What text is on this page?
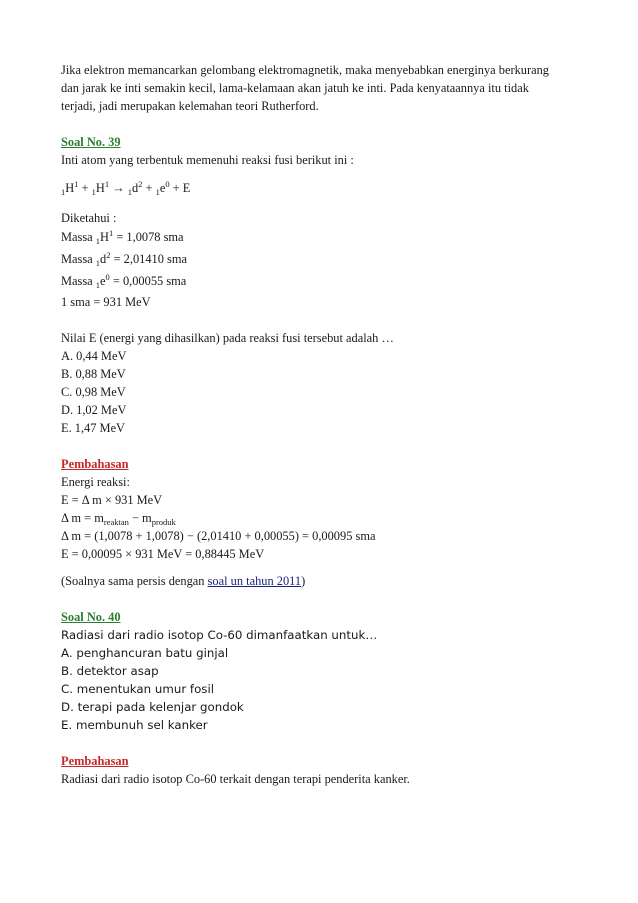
Jika elektron memancarkan gelombang elektromagnetik, maka menyebabkan energinya berkurang
dan jarak ke inti semakin kecil, lama-kelamaan akan jatuh ke inti. Pada kenyataannya itu tidak
terjadi, jadi merupakan kelemahan teori Rutherford.
Soal No. 39
Inti atom yang terbentuk memenuhi reaksi fusi berikut ini :
$_1H^1 + _1H^1 \to _1d^2 + _1e^0 + E$
Diketahui :
Massa $_1H^1 = 1,0078$ sma
Massa $_1d^2 = 2,01410$ sma
Massa $_1e^0 = 0,00055$ sma
1 sma = 931 MeV
Nilai E (energi yang dihasilkan) pada reaksi fusi tersebut adalah …
A. 0,44 MeV
B. 0,88 MeV
C. 0,98 MeV
D. 1,02 MeV
E. 1,47 MeV
Pembahasan
Energi reaksi:
E = Δ m × 931 MeV
Δ $m = m_{reaktan} - m_{produk}$
Δ m = (1,0078 + 1,0078) − (2,01410 + 0,00055) = 0,00095 sma
E = 0,00095 × 931 MeV = 0,88445 MeV
(Soalnya sama persis dengan soal un tahun 2011)
Soal No. 40
Radiasi dari radio isotop Co-60 dimanfaatkan untuk…
A. penghancuran batu ginjal
B. detektor asap
C. menentukan umur fosil
D. terapi pada kelenjar gondok
E. membunuh sel kanker
Pembahasan
Radiasi dari radio isotop Co-60 terkait dengan terapi penderita kanker.
